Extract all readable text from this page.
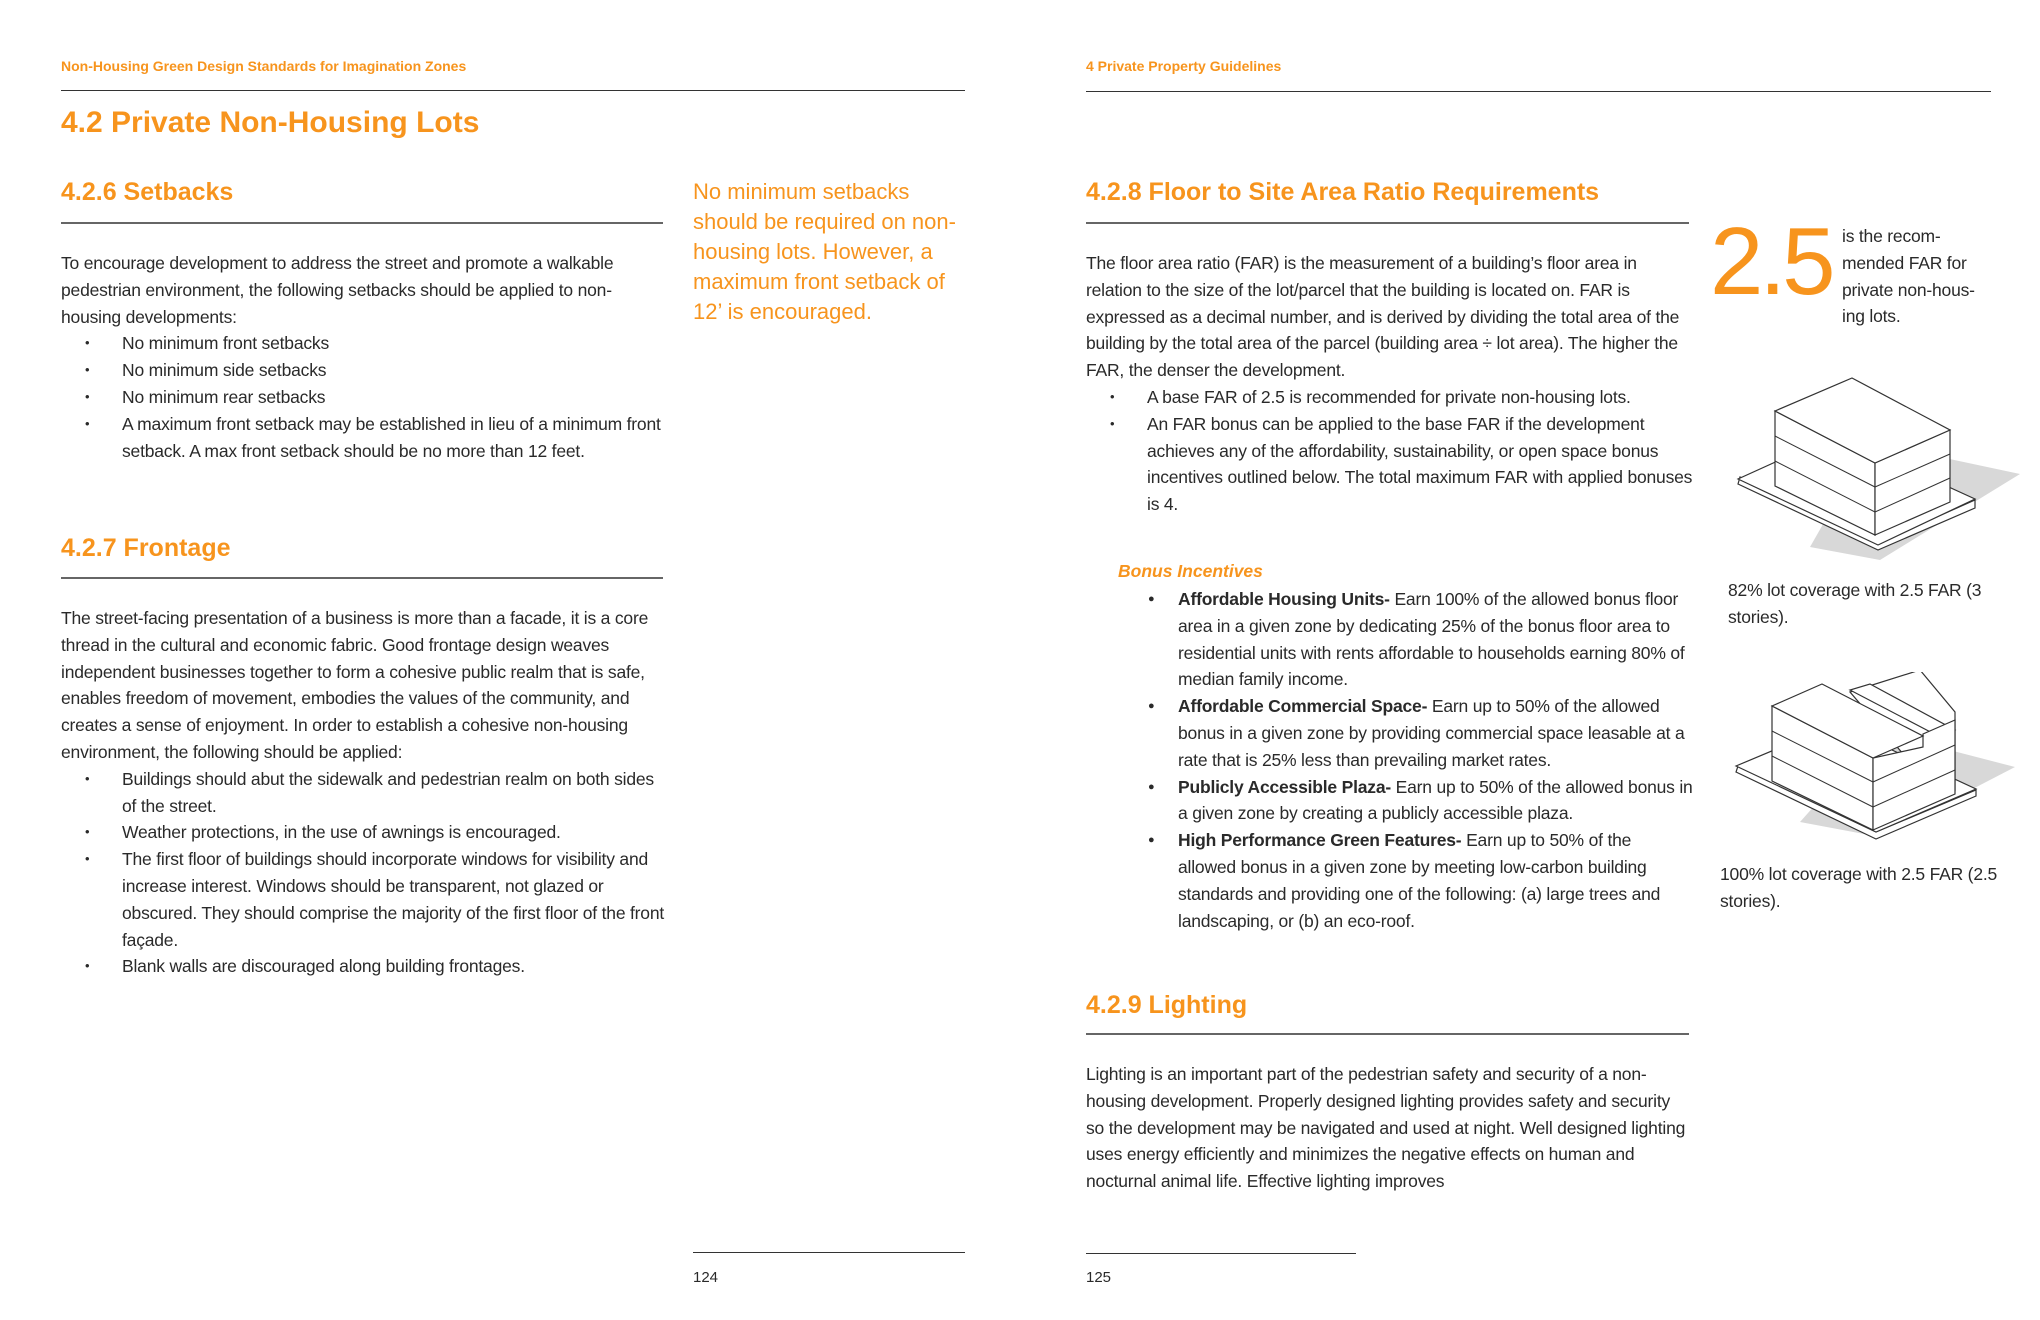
Non-Housing Green Design Standards for Imagination Zones
4.2 Private Non-Housing Lots
4.2.6 Setbacks

To encourage development to address the street and promote a walkable pedestrian environment, the following setbacks should be applied to non-housing developments:

• No minimum front setbacks
• No minimum side setbacks
• No minimum rear setbacks
• A maximum front setback may be established in lieu of a minimum front setback. A max front setback should be no more than 12 feet.
No minimum setbacks should be required on non-housing lots. However, a maximum front setback of 12’ is encouraged.
4.2.7 Frontage

The street-facing presentation of a business is more than a facade, it is a core thread in the cultural and economic fabric. Good frontage design weaves independent businesses together to form a cohesive public realm that is safe, enables freedom of movement, embodies the values of the community, and creates a sense of enjoyment. In order to establish a cohesive non-housing environment, the following should be applied:

• Buildings should abut the sidewalk and pedestrian realm on both sides of the street.
• Weather protections, in the use of awnings is encouraged.
• The first floor of buildings should incorporate windows for visibility and increase interest. Windows should be transparent, not glazed or obscured. They should comprise the majority of the first floor of the front façade.
• Blank walls are discouraged along building frontages.
124
4 Private Property Guidelines
4.2.8 Floor to Site Area Ratio Requirements

The floor area ratio (FAR) is the measurement of a building’s floor area in relation to the size of the lot/parcel that the building is located on. FAR is expressed as a decimal number, and is derived by dividing the total area of the building by the total area of the parcel (building area ÷ lot area). The higher the FAR, the denser the development.

• A base FAR of 2.5 is recommended for private non-housing lots.
• An FAR bonus can be applied to the base FAR if the development achieves any of the affordability, sustainability, or open space bonus incentives outlined below. The total maximum FAR with applied bonuses is 4.
Bonus Incentives
● Affordable Housing Units- Earn 100% of the allowed bonus floor area in a given zone by dedicating 25% of the bonus floor area to residential units with rents affordable to households earning 80% of median family income.
● Affordable Commercial Space- Earn up to 50% of the allowed bonus in a given zone by providing commercial space leasable at a rate that is 25% less than prevailing market rates.
● Publicly Accessible Plaza- Earn up to 50% of the allowed bonus in a given zone by creating a publicly accessible plaza.
● High Performance Green Features- Earn up to 50% of the allowed bonus in a given zone by meeting low-carbon building standards and providing one of the following: (a) large trees and landscaping, or (b) an eco-roof.
4.2.9 Lighting
Lighting is an important part of the pedestrian safety and security of a non-housing development. Properly designed lighting provides safety and security so the development may be navigated and used at night. Well designed lighting uses energy efficiently and minimizes the negative effects on human and nocturnal animal life. Effective lighting improves
2.5 is the recom-mended FAR for private non-hous-ing lots.
82% lot coverage with 2.5 FAR (3 stories).
100% lot coverage with 2.5 FAR (2.5 stories).
125
